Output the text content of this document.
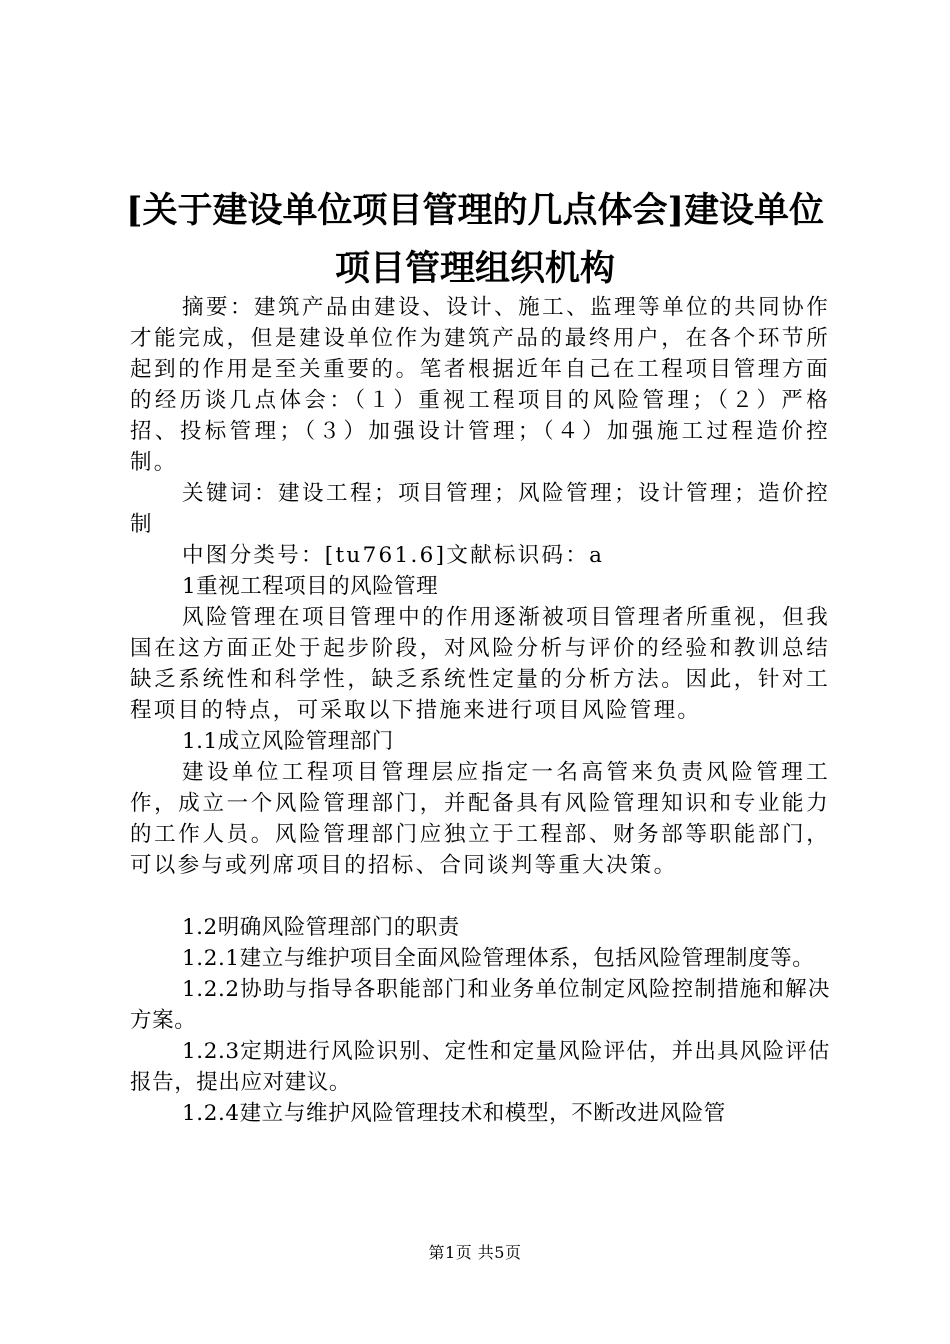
[关于建设单位项目管理的几点体会]建设单位
项目管理组织机构

摘要：建筑产品由建设、设计、施工、监理等单位的共同协作才能完成，但是建设单位作为建筑产品的最终用户，在各个环节所起到的作用是至关重要的。笔者根据近年自己在工程项目管理方面的经历谈几点体会：（１）重视工程项目的风险管理；（２）严格招、投标管理；（３）加强设计管理；（４）加强施工过程造价控制。

关键词：建设工程；项目管理；风险管理；设计管理；造价控制

中图分类号：[tu761.6]文献标识码：a

1重视工程项目的风险管理

风险管理在项目管理中的作用逐渐被项目管理者所重视，但我国在这方面正处于起步阶段，对风险分析与评价的经验和教训总结缺乏系统性和科学性，缺乏系统性定量的分析方法。因此，针对工程项目的特点，可采取以下措施来进行项目风险管理。

1.1成立风险管理部门

建设单位工程项目管理层应指定一名高管来负责风险管理工作，成立一个风险管理部门，并配备具有风险管理知识和专业能力的工作人员。风险管理部门应独立于工程部、财务部等职能部门，可以参与或列席项目的招标、合同谈判等重大决策。

1.2明确风险管理部门的职责

1.2.1建立与维护项目全面风险管理体系，包括风险管理制度等。

1.2.2协助与指导各职能部门和业务单位制定风险控制措施和解决方案。

1.2.3定期进行风险识别、定性和定量风险评估，并出具风险评估报告，提出应对建议。

1.2.4建立与维护风险管理技术和模型，不断改进风险管

第1页 共5页
